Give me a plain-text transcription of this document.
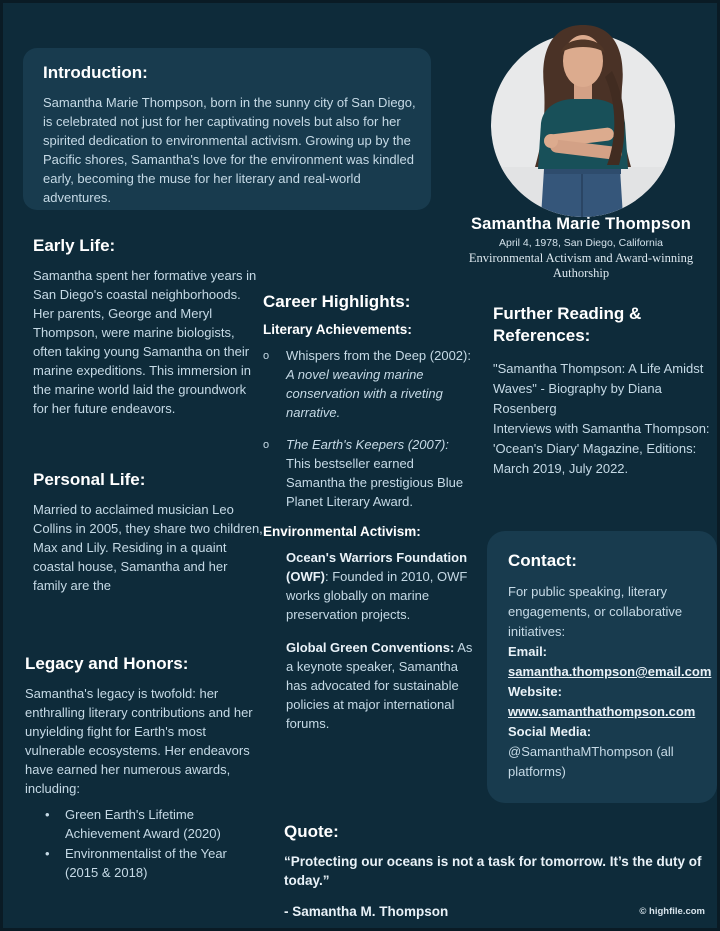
Introduction:

Samantha Marie Thompson, born in the sunny city of San Diego, is celebrated not just for her captivating novels but also for her spirited dedication to environmental activism. Growing up by the Pacific shores, Samantha's love for the environment was kindled early, becoming the muse for her literary and real-world adventures.

Samantha Marie Thompson
April 4, 1978, San Diego, California
Environmental Activism and Award-winning Authorship
Early Life:

Samantha spent her formative years in San Diego's coastal neighborhoods. Her parents, George and Meryl Thompson, were marine biologists, often taking young Samantha on their marine expeditions. This immersion in the marine world laid the groundwork for her future endeavors.

Personal Life:

Married to acclaimed musician Leo Collins in 2005, they share two children, Max and Lily. Residing in a quaint coastal house, Samantha and her family are the

Legacy and Honors:

Samantha's legacy is twofold: her enthralling literary contributions and her unyielding fight for Earth's most vulnerable ecosystems. Her endeavors have earned her numerous awards, including:

•	Green Earth's Lifetime Achievement Award (2020)
•	Environmentalist of the Year (2015 & 2018)
Career Highlights:
Literary Achievements:
o	Whispers from the Deep (2002): A novel weaving marine conservation with a riveting narrative.
o	The Earth's Keepers (2007): This bestseller earned Samantha the prestigious Blue Planet Literary Award.
Environmental Activism:

Ocean's Warriors Foundation (OWF): Founded in 2010, OWF works globally on marine preservation projects.

Global Green Conventions: As a keynote speaker, Samantha has advocated for sustainable policies at major international forums.

Further Reading & References:

"Samantha Thompson: A Life Amidst Waves" - Biography by Diana Rosenberg

Interviews with Samantha Thompson: 'Ocean's Diary' Magazine, Editions: March 2019, July 2022.

Contact:

For public speaking, literary engagements, or collaborative initiatives:

Email:
samantha.thompson@email.com
Website:
www.samanthathompson.com
Social Media:
@SamanthaMThompson (all platforms)

Quote:

“Protecting our oceans is not a task for tomorrow. It’s the duty of today.”

- Samantha M. Thompson	© highfile.com
